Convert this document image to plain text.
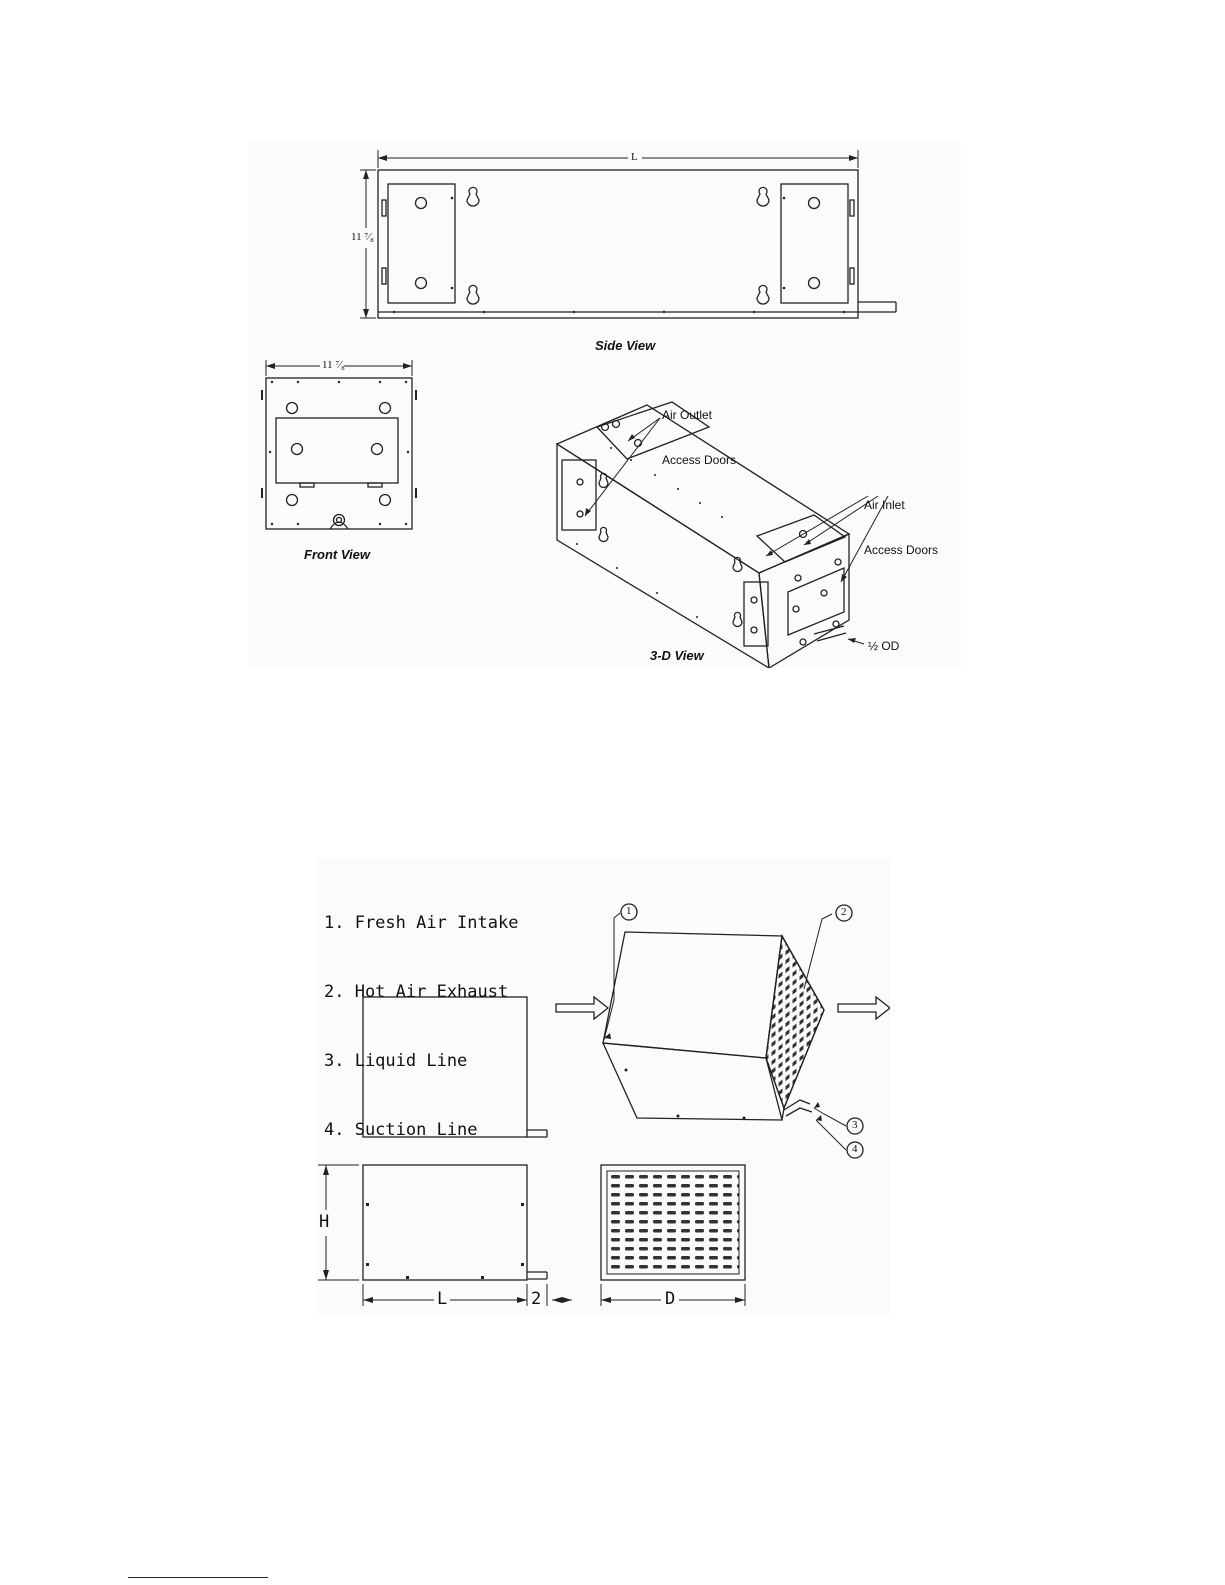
L
11 ⁷⁄₈
Side View
11 ⁷⁄₈
Front View

Air Outlet

Access Doors

Air Inlet

Access Doors

½ OD
3-D View

1. Fresh Air Intake

2. Hot Air Exhaust

3. Liquid Line

4. Suction Line

1	2
3
4
H
L	2	D
